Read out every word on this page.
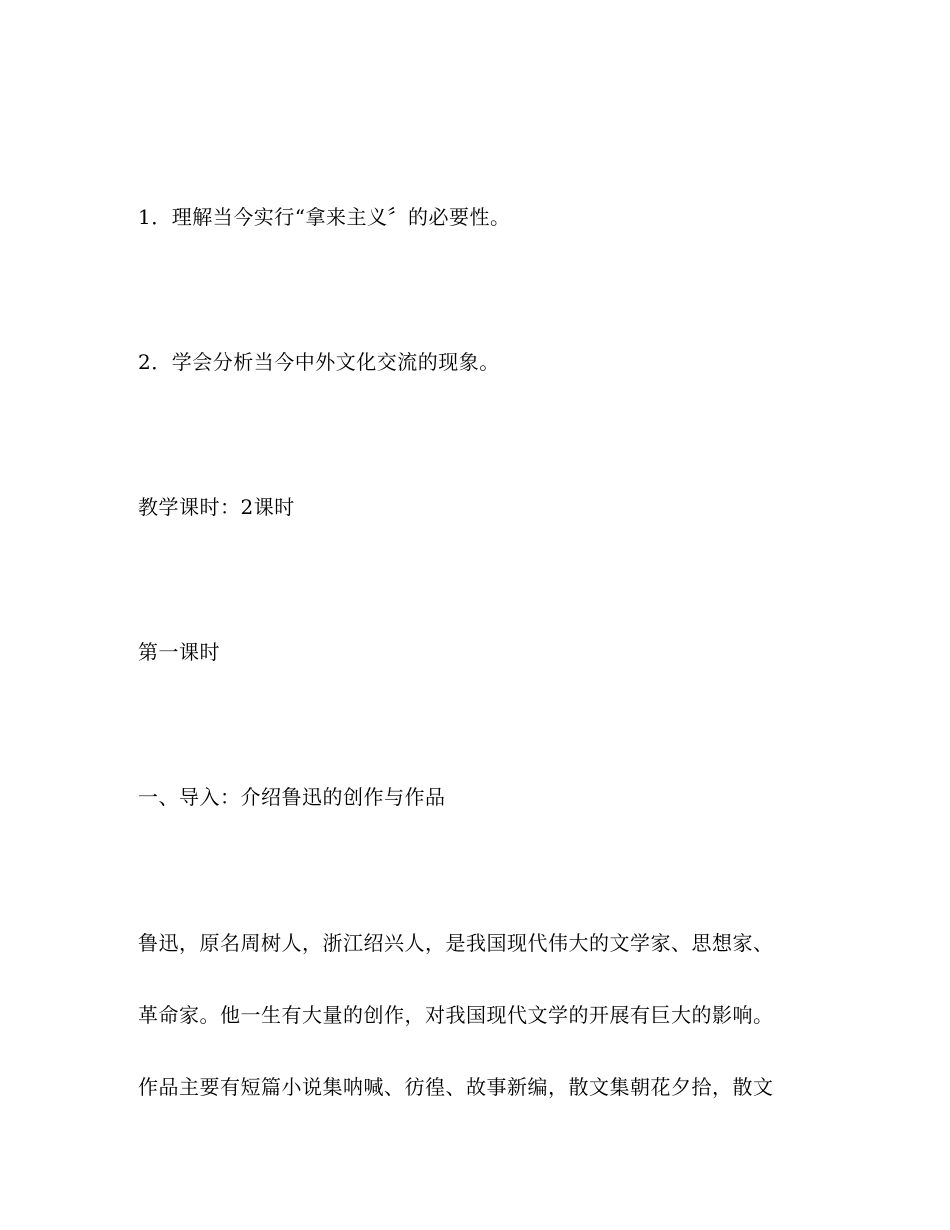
1．理解当今实行“拿来主义〞的必要性。
2．学会分析当今中外文化交流的现象。
教学课时：2课时
第一课时
一、导入：介绍鲁迅的创作与作品
鲁迅，原名周树人，浙江绍兴人，是我国现代伟大的文学家、思想家、
革命家。他一生有大量的创作，对我国现代文学的开展有巨大的影响。
作品主要有短篇小说集呐喊、彷徨、故事新编，散文集朝花夕拾，散文
